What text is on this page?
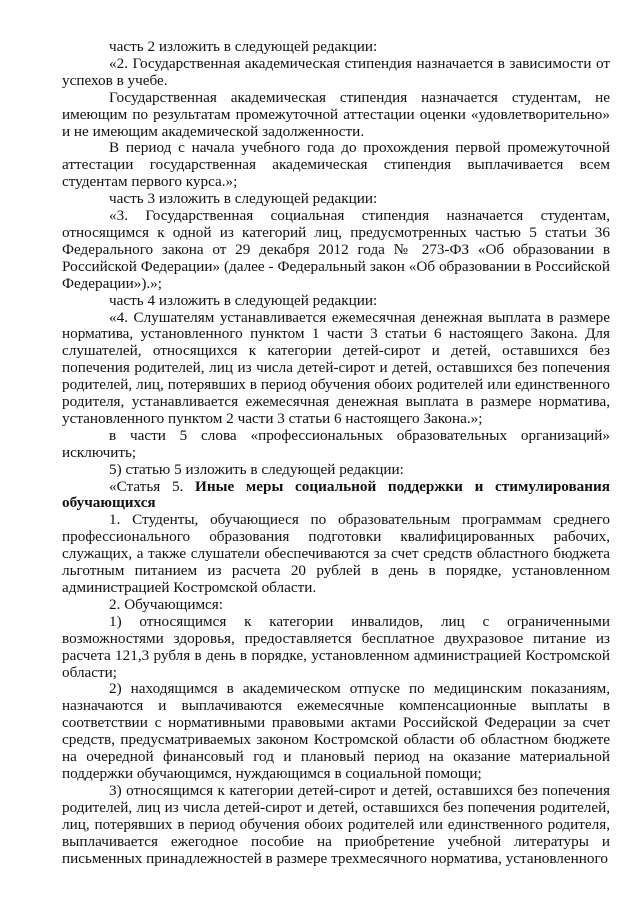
часть 2 изложить в следующей редакции:

«2. Государственная академическая стипендия назначается в зависимости от успехов в учебе.

Государственная академическая стипендия назначается студентам, не имеющим по результатам промежуточной аттестации оценки «удовлетворительно» и не имеющим академической задолженности.

В период с начала учебного года до прохождения первой промежуточной аттестации государственная академическая стипендия выплачивается всем студентам первого курса.»;

часть 3 изложить в следующей редакции:

«3. Государственная социальная стипендия назначается студентам, относящимся к одной из категорий лиц, предусмотренных частью 5 статьи 36 Федерального закона от 29 декабря 2012 года № 273-ФЗ «Об образовании в Российской Федерации» (далее - Федеральный закон «Об образовании в Российской Федерации»).»;

часть 4 изложить в следующей редакции:

«4. Слушателям устанавливается ежемесячная денежная выплата в размере норматива, установленного пунктом 1 части 3 статьи 6 настоящего Закона. Для слушателей, относящихся к категории детей-сирот и детей, оставшихся без попечения родителей, лиц из числа детей-сирот и детей, оставшихся без попечения родителей, лиц, потерявших в период обучения обоих родителей или единственного родителя, устанавливается ежемесячная денежная выплата в размере норматива, установленного пунктом 2 части 3 статьи 6 настоящего Закона.»;

в части 5 слова «профессиональных образовательных организаций» исключить;

5) статью 5 изложить в следующей редакции:

«Статья 5. Иные меры социальной поддержки и стимулирования обучающихся

1. Студенты, обучающиеся по образовательным программам среднего профессионального образования подготовки квалифицированных рабочих, служащих, а также слушатели обеспечиваются за счет средств областного бюджета льготным питанием из расчета 20 рублей в день в порядке, установленном администрацией Костромской области.

2. Обучающимся:

1) относящимся к категории инвалидов, лиц с ограниченными возможностями здоровья, предоставляется бесплатное двухразовое питание из расчета 121,3 рубля в день в порядке, установленном администрацией Костромской области;

2) находящимся в академическом отпуске по медицинским показаниям, назначаются и выплачиваются ежемесячные компенсационные выплаты в соответствии с нормативными правовыми актами Российской Федерации за счет средств, предусматриваемых законом Костромской области об областном бюджете на очередной финансовый год и плановый период на оказание материальной поддержки обучающимся, нуждающимся в социальной помощи;

3) относящимся к категории детей-сирот и детей, оставшихся без попечения родителей, лиц из числа детей-сирот и детей, оставшихся без попечения родителей, лиц, потерявших в период обучения обоих родителей или единственного родителя, выплачивается ежегодное пособие на приобретение учебной литературы и письменных принадлежностей в размере трехмесячного норматива, установленного
